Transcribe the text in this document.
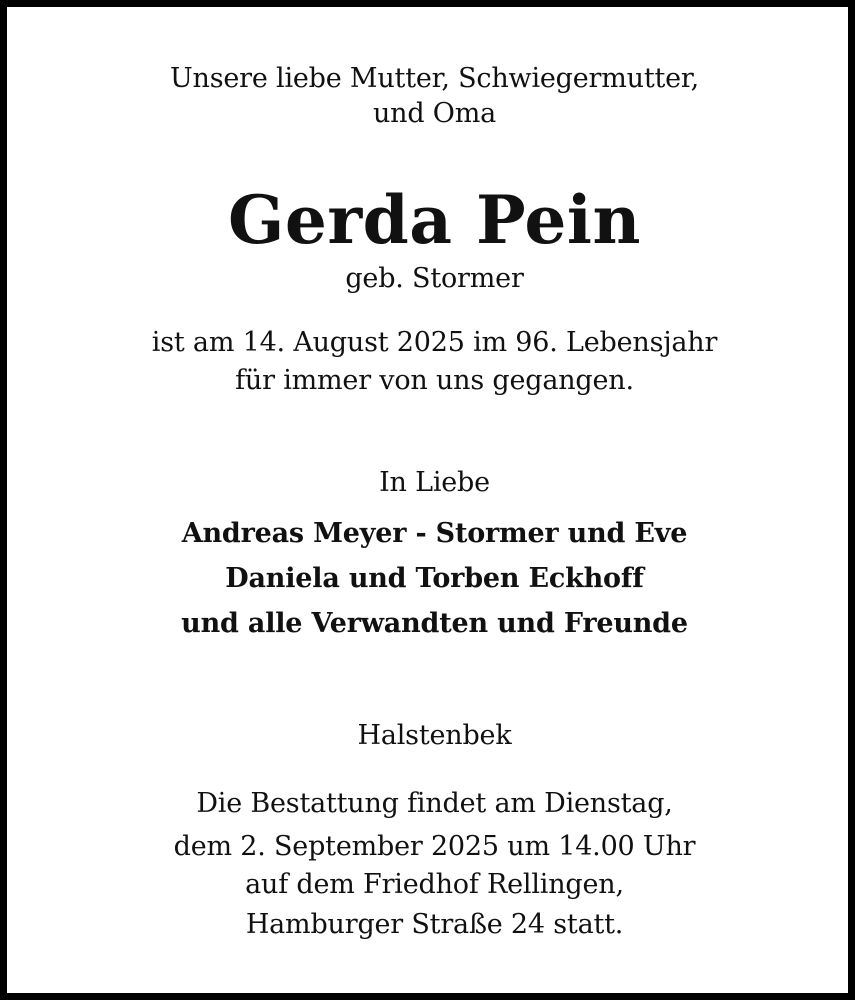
Unsere liebe Mutter, Schwiegermutter,
und Oma
Gerda Pein
geb. Stormer
ist am 14. August 2025 im 96. Lebensjahr
für immer von uns gegangen.
In Liebe
Andreas Meyer - Stormer und Eve
Daniela und Torben Eckhoff
und alle Verwandten und Freunde
Halstenbek
Die Bestattung findet am Dienstag,
dem 2. September 2025 um 14.00 Uhr
auf dem Friedhof Rellingen,
Hamburger Straße 24 statt.
